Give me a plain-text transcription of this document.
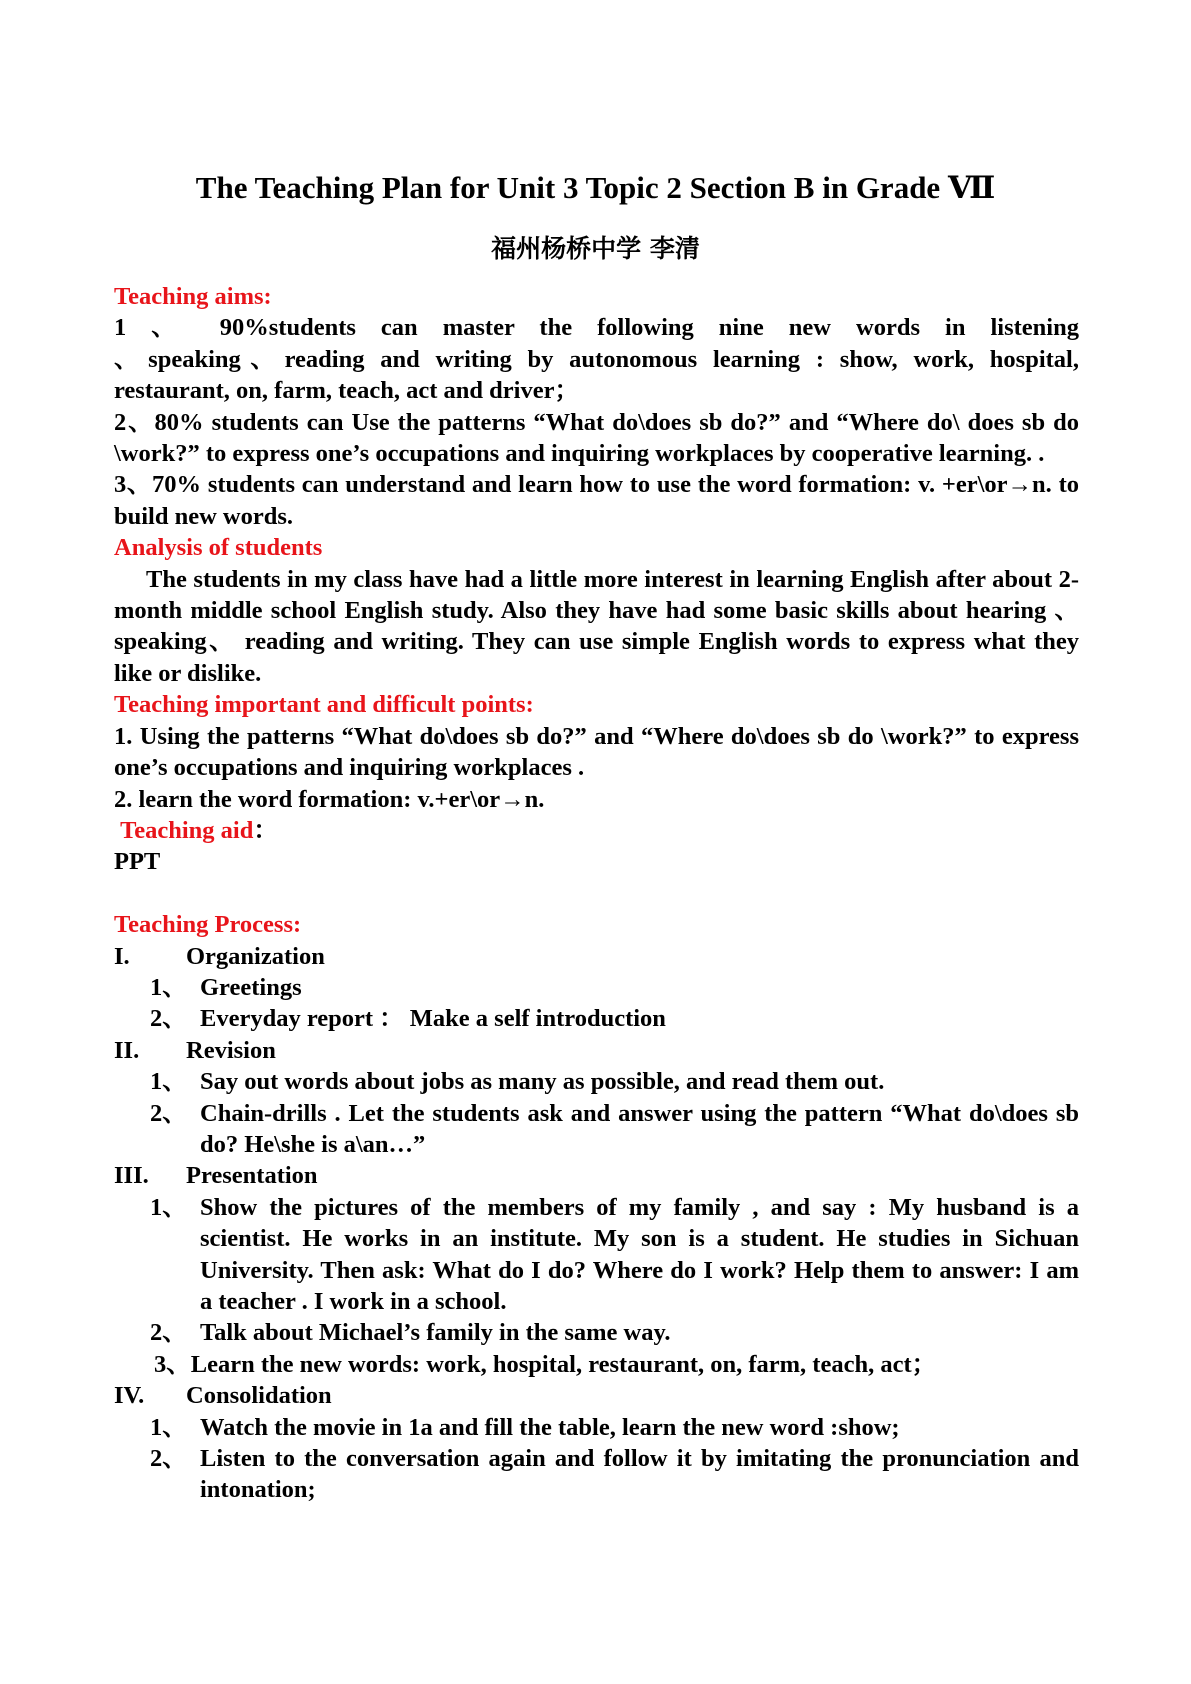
The Teaching Plan for Unit 3 Topic 2 Section B in Grade Ⅶ
福州杨桥中学 李清

Teaching aims:

1 、 90%students can master the following nine new words in listening

、speaking、reading and writing by autonomous learning : show, work, hospital, restaurant, on, farm, teach, act and driver；

2、80% students can Use the patterns “What do\does sb do?” and “Where do\ does sb do \work?” to express one’s occupations and inquiring workplaces by cooperative learning. .

3、70% students can understand and learn how to use the word formation: v. +er\or→n. to build new words.

Analysis of students

The students in my class have had a little more interest in learning English after about 2-month middle school English study. Also they have had some basic skills about hearing 、 speaking、 reading and writing. They can use simple English words to express what they like or dislike.

Teaching important and difficult points:

1. Using the patterns “What do\does sb do?” and “Where do\does sb do \work?” to express one’s occupations and inquiring workplaces .

2. learn the word formation: v.+er\or→n.

Teaching aid：

PPT

Teaching Process:

I. Organization

1、 Greetings

2、 Everyday report ： Make a self introduction

II. Revision

1、 Say out words about jobs as many as possible, and read them out.

2、 Chain-drills . Let the students ask and answer using the pattern “What do\does sb do? He\she is a\an…”

III. Presentation

1、 Show the pictures of the members of my family , and say : My husband is a scientist. He works in an institute. My son is a student. He studies in Sichuan University. Then ask: What do I do? Where do I work? Help them to answer: I am a teacher . I work in a school.

2、 Talk about Michael’s family in the same way.

3、Learn the new words: work, hospital, restaurant, on, farm, teach, act；

IV. Consolidation

1、 Watch the movie in 1a and fill the table, learn the new word :show;

2、 Listen to the conversation again and follow it by imitating the pronunciation and intonation;
